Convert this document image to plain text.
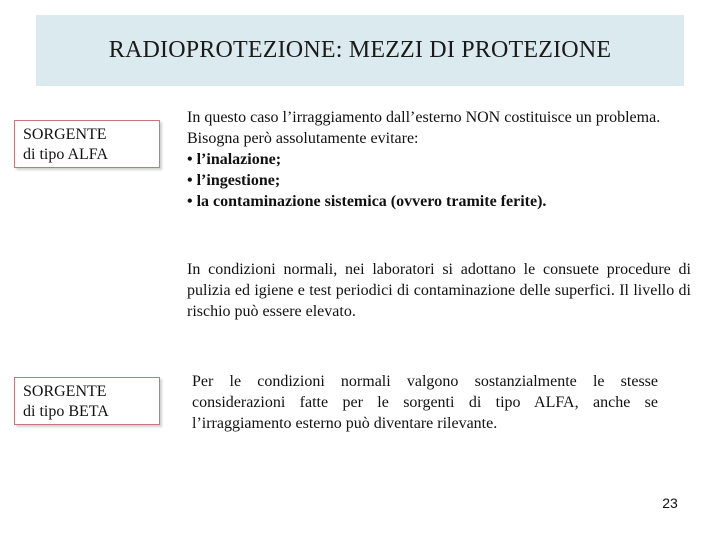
RADIOPROTEZIONE: MEZZI DI PROTEZIONE
SORGENTE
di tipo ALFA

In questo caso l’irraggiamento dall’esterno NON costituisce un problema.

Bisogna però assolutamente evitare:

• l’inalazione;

• l’ingestione;

• la contaminazione sistemica (ovvero tramite ferite).

In condizioni normali, nei laboratori si adottano le consuete procedure di pulizia ed igiene e test periodici di contaminazione delle superfici. Il livello di rischio può essere elevato.

SORGENTE
di tipo BETA

Per le condizioni normali valgono sostanzialmente le stesse considerazioni fatte per le sorgenti di tipo ALFA, anche se l’irraggiamento esterno può diventare rilevante.

23
